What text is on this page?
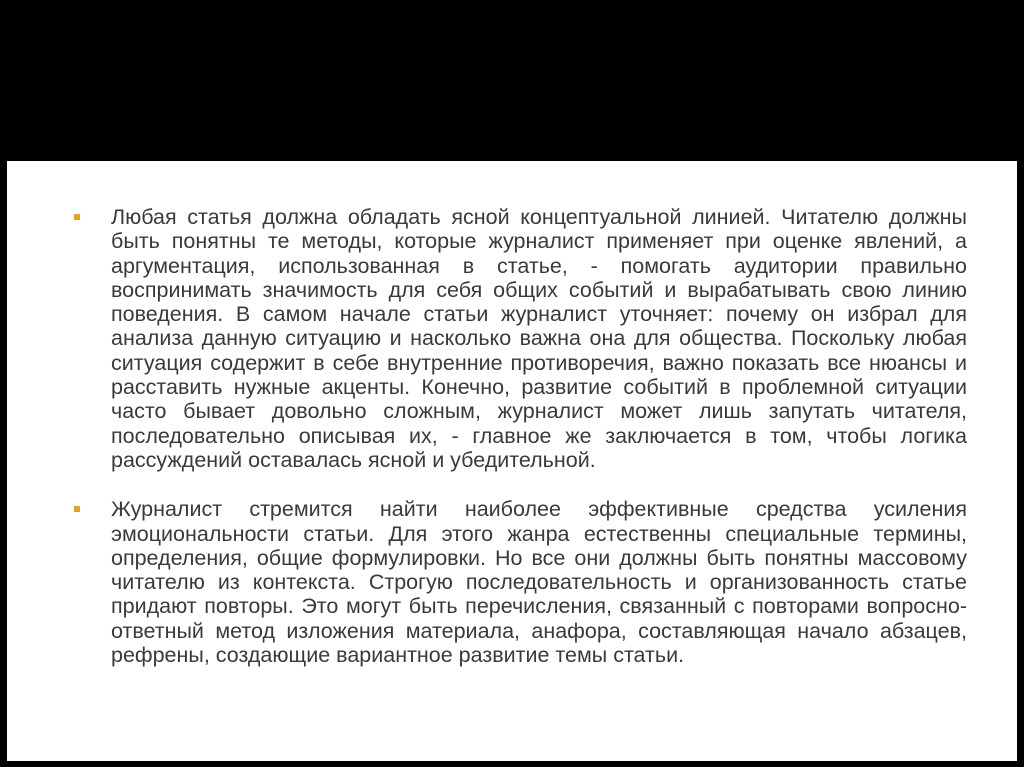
Любая статья должна обладать ясной концептуальной линией. Читателю должны быть понятны те методы, которые журналист применяет при оценке явлений, а аргументация, использованная в статье, - помогать аудитории правильно воспринимать значимость для себя общих событий и вырабатывать свою линию поведения. В самом начале статьи журналист уточняет: почему он избрал для анализа данную ситуацию и насколько важна она для общества. Поскольку любая ситуация содержит в себе внутренние противоречия, важно показать все нюансы и расставить нужные акценты. Конечно, развитие событий в проблемной ситуации часто бывает довольно сложным, журналист может лишь запутать читателя, последовательно описывая их, - главное же заключается в том, чтобы логика рассуждений оставалась ясной и убедительной.
Журналист стремится найти наиболее эффективные средства усиления эмоциональности статьи. Для этого жанра естественны специальные термины, определения, общие формулировки. Но все они должны быть понятны массовому читателю из контекста. Строгую последовательность и организованность статье придают повторы. Это могут быть перечисления, связанный с повторами вопросно-ответный метод изложения материала, анафора, составляющая начало абзацев, рефрены, создающие вариантное развитие темы статьи.
